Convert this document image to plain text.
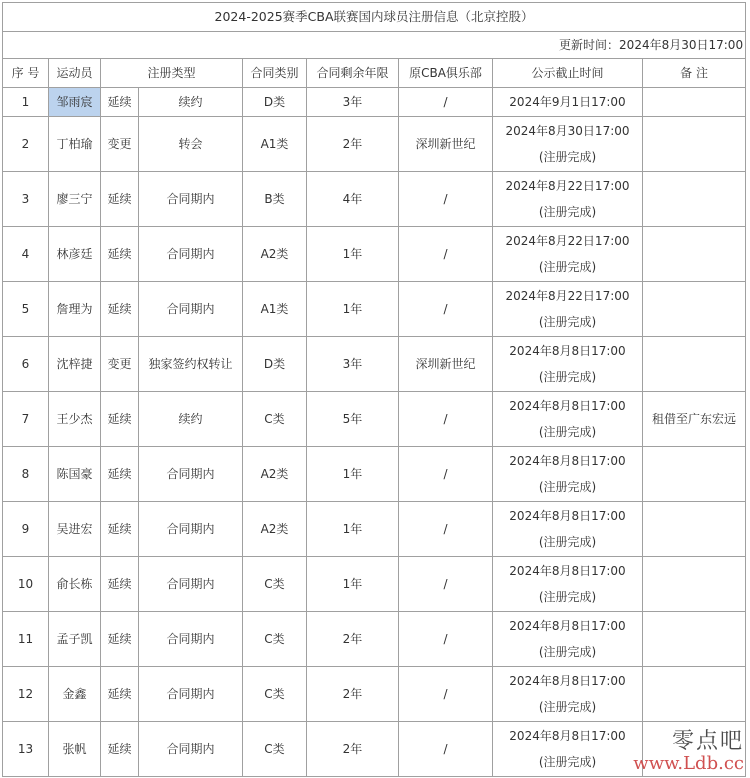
2024-2025赛季CBA联赛国内球员注册信息（北京控股）								
更新时间：2024年8月30日17:00								
序 号	运动员	注册类型		合同类别	合同剩余年限	原CBA俱乐部	公示截止时间	备 注
1	邹雨宸	延续	续约	D类	3年	/	2024年9月1日17:00	

2	丁柏瑜	变更	转会	A1类	2年	深圳新世纪	2024年8月30日17:00
(注册完成)	

3	廖三宁	延续	合同期内	B类	4年	/	2024年8月22日17:00
(注册完成)	

4	林彦廷	延续	合同期内	A2类	1年	/	2024年8月22日17:00
(注册完成)	

5	詹理为	延续	合同期内	A1类	1年	/	2024年8月22日17:00
(注册完成)	

6	沈梓捷	变更	独家签约权转让	D类	3年	深圳新世纪	2024年8月8日17:00
(注册完成)	

7	王少杰	延续	续约	C类	5年	/	2024年8月8日17:00
(注册完成)	租借至广东宏远
8	陈国豪	延续	合同期内	A2类	1年	/	2024年8月8日17:00
(注册完成)	

9	吴进宏	延续	合同期内	A2类	1年	/	2024年8月8日17:00
(注册完成)	

10	俞长栋	延续	合同期内	C类	1年	/	2024年8月8日17:00
(注册完成)	

11	孟子凯	延续	合同期内	C类	2年	/	2024年8月8日17:00
(注册完成)	

12	金鑫	延续	合同期内	C类	2年	/	2024年8月8日17:00
(注册完成)	

13	张帆	延续	合同期内	C类	2年	/	2024年8月8日17:00
(注册完成)	

零点吧
www.Ldb.cc
